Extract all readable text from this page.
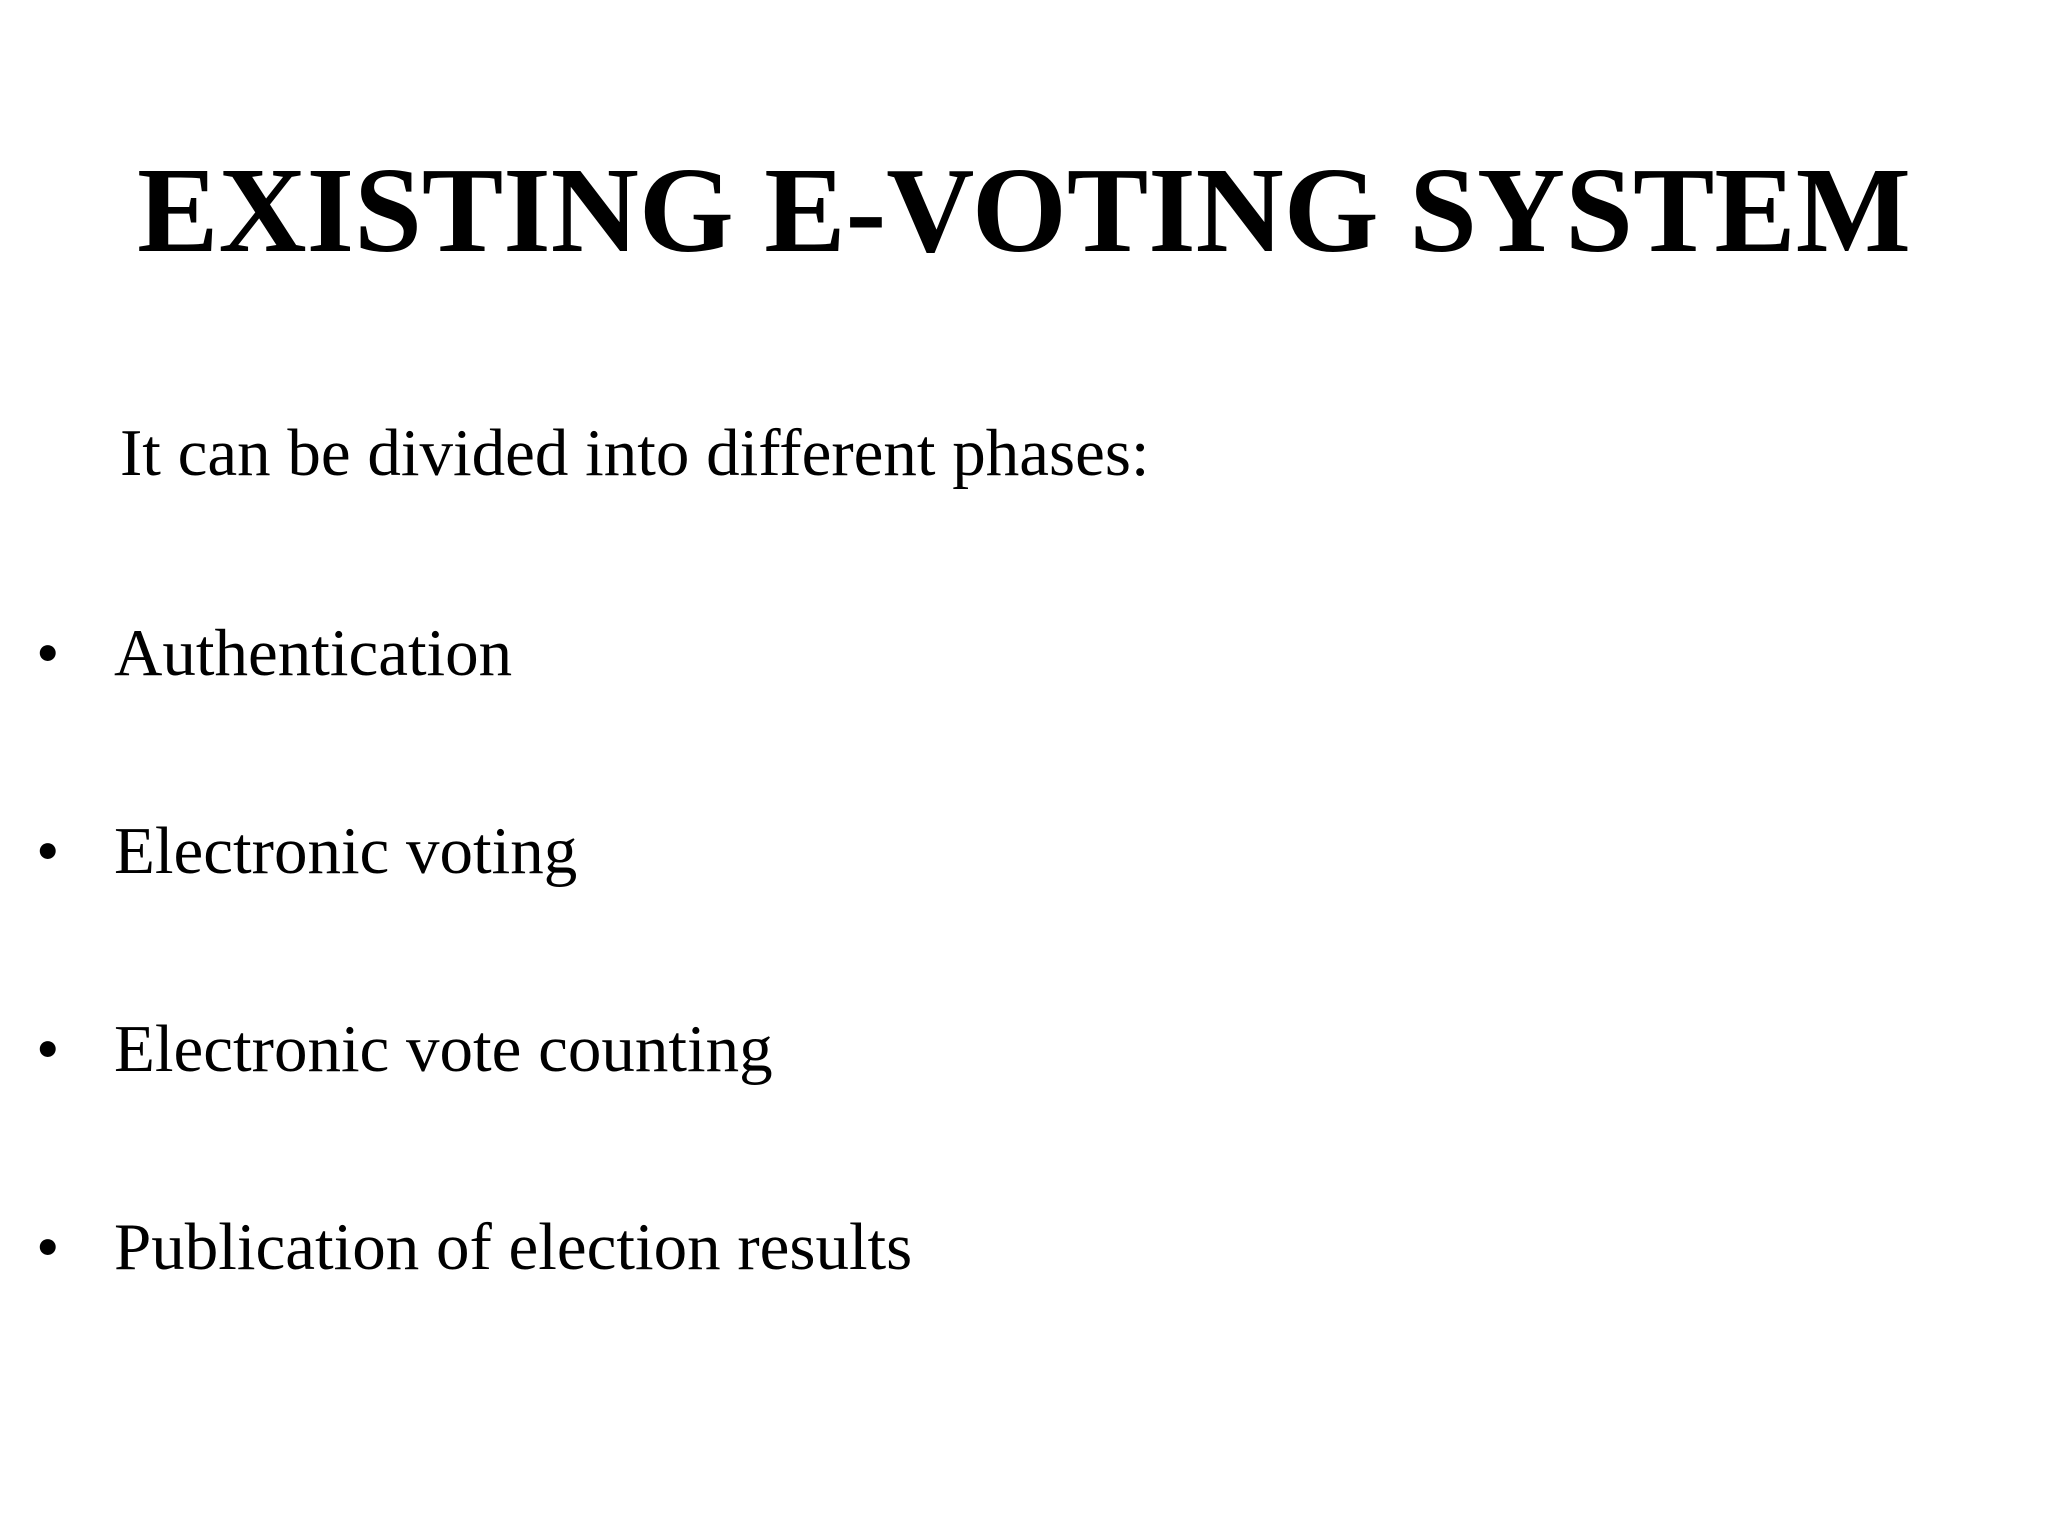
EXISTING E-VOTING SYSTEM
It can be divided into different phases:
• Authentication
• Electronic voting
• Electronic vote counting
• Publication of election results
